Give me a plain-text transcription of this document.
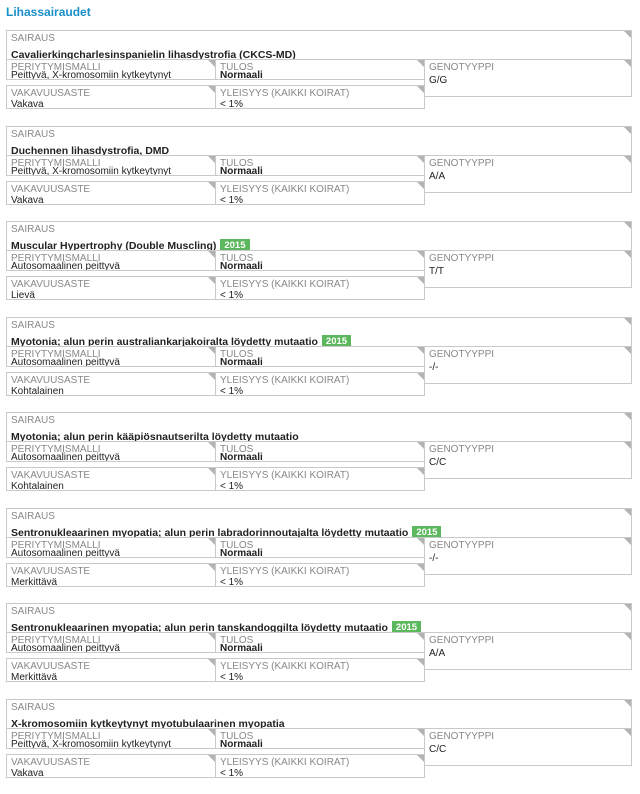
Lihassairaudet
SAIRAUS
Cavalierkingcharlesinspanielin lihasdystrofia (CKCS-MD)
PERIYTYMISMALLI
Peittyvä, X-kromosomiin kytkeytynyt
TULOS
Normaali
GENOTYYPPI
G/G
VAKAVUUSASTE
Vakava
YLEISYYS (KAIKKI KOIRAT)
< 1%
SAIRAUS
Duchennen lihasdystrofia, DMD
PERIYTYMISMALLI
Peittyvä, X-kromosomiin kytkeytynyt
TULOS
Normaali
GENOTYYPPI
A/A
VAKAVUUSASTE
Vakava
YLEISYYS (KAIKKI KOIRAT)
< 1%
SAIRAUS
Muscular Hypertrophy (Double Muscling) 2015
PERIYTYMISMALLI
Autosomaalinen peittyvä
TULOS
Normaali
GENOTYYPPI
T/T
VAKAVUUSASTE
Lievä
YLEISYYS (KAIKKI KOIRAT)
< 1%
SAIRAUS
Myotonia; alun perin australiankarjakoiralta löydetty mutaatio 2015
PERIYTYMISMALLI
Autosomaalinen peittyvä
TULOS
Normaali
GENOTYYPPI
-/-
VAKAVUUSASTE
Kohtalainen
YLEISYYS (KAIKKI KOIRAT)
< 1%
SAIRAUS
Myotonia; alun perin kääpiösnautserilta löydetty mutaatio
PERIYTYMISMALLI
Autosomaalinen peittyvä
TULOS
Normaali
GENOTYYPPI
C/C
VAKAVUUSASTE
Kohtalainen
YLEISYYS (KAIKKI KOIRAT)
< 1%
SAIRAUS
Sentronukleaarinen myopatia; alun perin labradorinnoutajalta löydetty mutaatio 2015
PERIYTYMISMALLI
Autosomaalinen peittyvä
TULOS
Normaali
GENOTYYPPI
-/-
VAKAVUUSASTE
Merkittävä
YLEISYYS (KAIKKI KOIRAT)
< 1%
SAIRAUS
Sentronukleaarinen myopatia; alun perin tanskandoggilta löydetty mutaatio 2015
PERIYTYMISMALLI
Autosomaalinen peittyvä
TULOS
Normaali
GENOTYYPPI
A/A
VAKAVUUSASTE
Merkittävä
YLEISYYS (KAIKKI KOIRAT)
< 1%
SAIRAUS
X-kromosomiin kytkeytynyt myotubulaarinen myopatia
PERIYTYMISMALLI
Peittyvä, X-kromosomiin kytkeytynyt
TULOS
Normaali
GENOTYYPPI
C/C
VAKAVUUSASTE
Vakava
YLEISYYS (KAIKKI KOIRAT)
< 1%
